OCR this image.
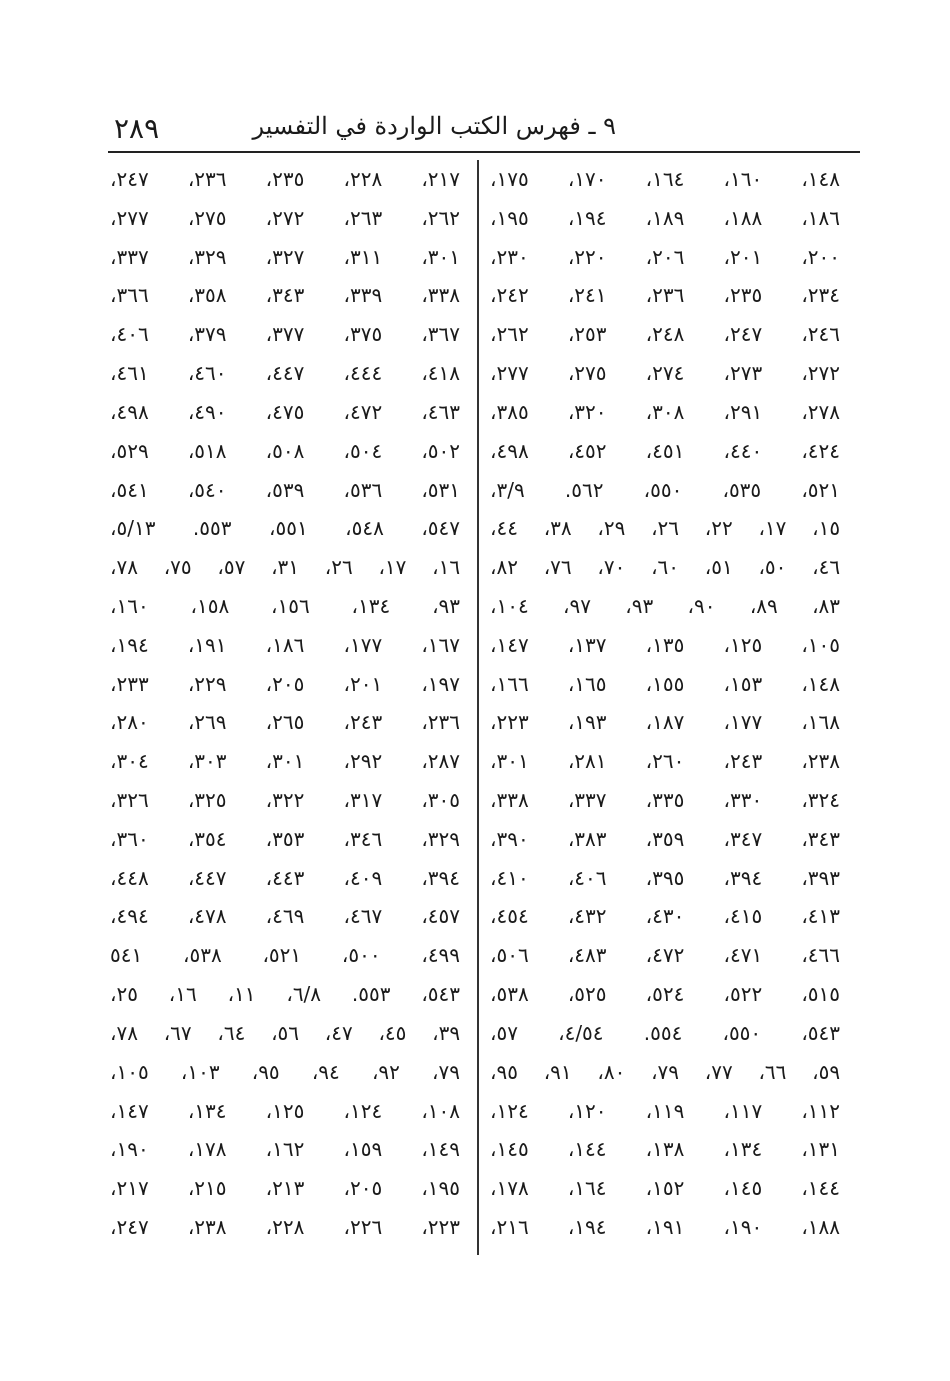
٢٨٩	٩ ـ فهرس الكتب الواردة في التفسير
١٤٨، ١٦٠، ١٦٤، ١٧٠، ١٧٥،
١٨٦، ١٨٨، ١٨٩، ١٩٤، ١٩٥،
٢٠٠، ٢٠١، ٢٠٦، ٢٢٠، ٢٣٠،
٢٣٤، ٢٣٥، ٢٣٦، ٢٤١، ٢٤٢،
٢٤٦، ٢٤٧، ٢٤٨، ٢٥٣، ٢٦٢،
٢٧٢، ٢٧٣، ٢٧٤، ٢٧٥، ٢٧٧،
٢٧٨، ٢٩١، ٣٠٨، ٣٢٠، ٣٨٥،
٤٢٤، ٤٤٠، ٤٥١، ٤٥٢، ٤٩٨،
٥٢١، ٥٣٥، ٥٥٠، ٥٦٢. ٣/٩،
١٥، ١٧، ٢٢، ٢٦، ٢٩، ٣٨، ٤٤،
٤٦، ٥٠، ٥١، ٦٠، ٧٠، ٧٦، ٨٢،
٨٣، ٨٩، ٩٠، ٩٣، ٩٧، ١٠٤،
١٠٥، ١٢٥، ١٣٥، ١٣٧، ١٤٧،
١٤٨، ١٥٣، ١٥٥، ١٦٥، ١٦٦،
١٦٨، ١٧٧، ١٨٧، ١٩٣، ٢٢٣،
٢٣٨، ٢٤٣، ٢٦٠، ٢٨١، ٣٠١،
٣٢٤، ٣٣٠، ٣٣٥، ٣٣٧، ٣٣٨،
٣٤٣، ٣٤٧، ٣٥٩، ٣٨٣، ٣٩٠،
٣٩٣، ٣٩٤، ٣٩٥، ٤٠٦، ٤١٠،
٤١٣، ٤١٥، ٤٣٠، ٤٣٢، ٤٥٤،
٤٦٦، ٤٧١، ٤٧٢، ٤٨٣، ٥٠٦،
٥١٥، ٥٢٢، ٥٢٤، ٥٢٥، ٥٣٨،
٥٤٣، ٥٥٠، ٥٥٤. ٤/٥٤، ٥٧،
٥٩، ٦٦، ٧٧، ٧٩، ٨٠، ٩١، ٩٥،
١١٢، ١١٧، ١١٩، ١٢٠، ١٢٤،
١٣١، ١٣٤، ١٣٨، ١٤٤، ١٤٥،
١٤٤، ١٤٥، ١٥٢، ١٦٤، ١٧٨،
١٨٨، ١٩٠، ١٩١، ١٩٤، ٢١٦،
٢١٧، ٢٢٨، ٢٣٥، ٢٣٦، ٢٤٧،
٢٦٢، ٢٦٣، ٢٧٢، ٢٧٥، ٢٧٧،
٣٠١، ٣١١، ٣٢٧، ٣٢٩، ٣٣٧،
٣٣٨، ٣٣٩، ٣٤٣، ٣٥٨، ٣٦٦،
٣٦٧، ٣٧٥، ٣٧٧، ٣٧٩، ٤٠٦،
٤١٨، ٤٤٤، ٤٤٧، ٤٦٠، ٤٦١،
٤٦٣، ٤٧٢، ٤٧٥، ٤٩٠، ٤٩٨،
٥٠٢، ٥٠٤، ٥٠٨، ٥١٨، ٥٢٩،
٥٣١، ٥٣٦، ٥٣٩، ٥٤٠، ٥٤١،
٥٤٧، ٥٤٨، ٥٥١، ٥٥٣. ٥/١٣،
١٦، ١٧، ٢٦، ٣١، ٥٧، ٧٥، ٧٨،
٩٣، ١٣٤، ١٥٦، ١٥٨، ١٦٠،
١٦٧، ١٧٧، ١٨٦، ١٩١، ١٩٤،
١٩٧، ٢٠١، ٢٠٥، ٢٢٩، ٢٣٣،
٢٣٦، ٢٤٣، ٢٦٥، ٢٦٩، ٢٨٠،
٢٨٧، ٢٩٢، ٣٠١، ٣٠٣، ٣٠٤،
٣٠٥، ٣١٧، ٣٢٢، ٣٢٥، ٣٢٦،
٣٢٩، ٣٤٦، ٣٥٣، ٣٥٤، ٣٦٠،
٣٩٤، ٤٠٩، ٤٤٣، ٤٤٧، ٤٤٨،
٤٥٧، ٤٦٧، ٤٦٩، ٤٧٨، ٤٩٤،
٤٩٩، ٥٠٠، ٥٢١، ٥٣٨، ٥٤١
٥٤٣، ٥٥٣. ٦/٨، ١١، ١٦، ٢٥،
٣٩، ٤٥، ٤٧، ٥٦، ٦٤، ٦٧، ٧٨،
٧٩، ٩٢، ٩٤، ٩٥، ١٠٣، ١٠٥،
١٠٨، ١٢٤، ١٢٥، ١٣٤، ١٤٧،
١٤٩، ١٥٩، ١٦٢، ١٧٨، ١٩٠،
١٩٥، ٢٠٥، ٢١٣، ٢١٥، ٢١٧،
٢٢٣، ٢٢٦، ٢٢٨، ٢٣٨، ٢٤٧،
